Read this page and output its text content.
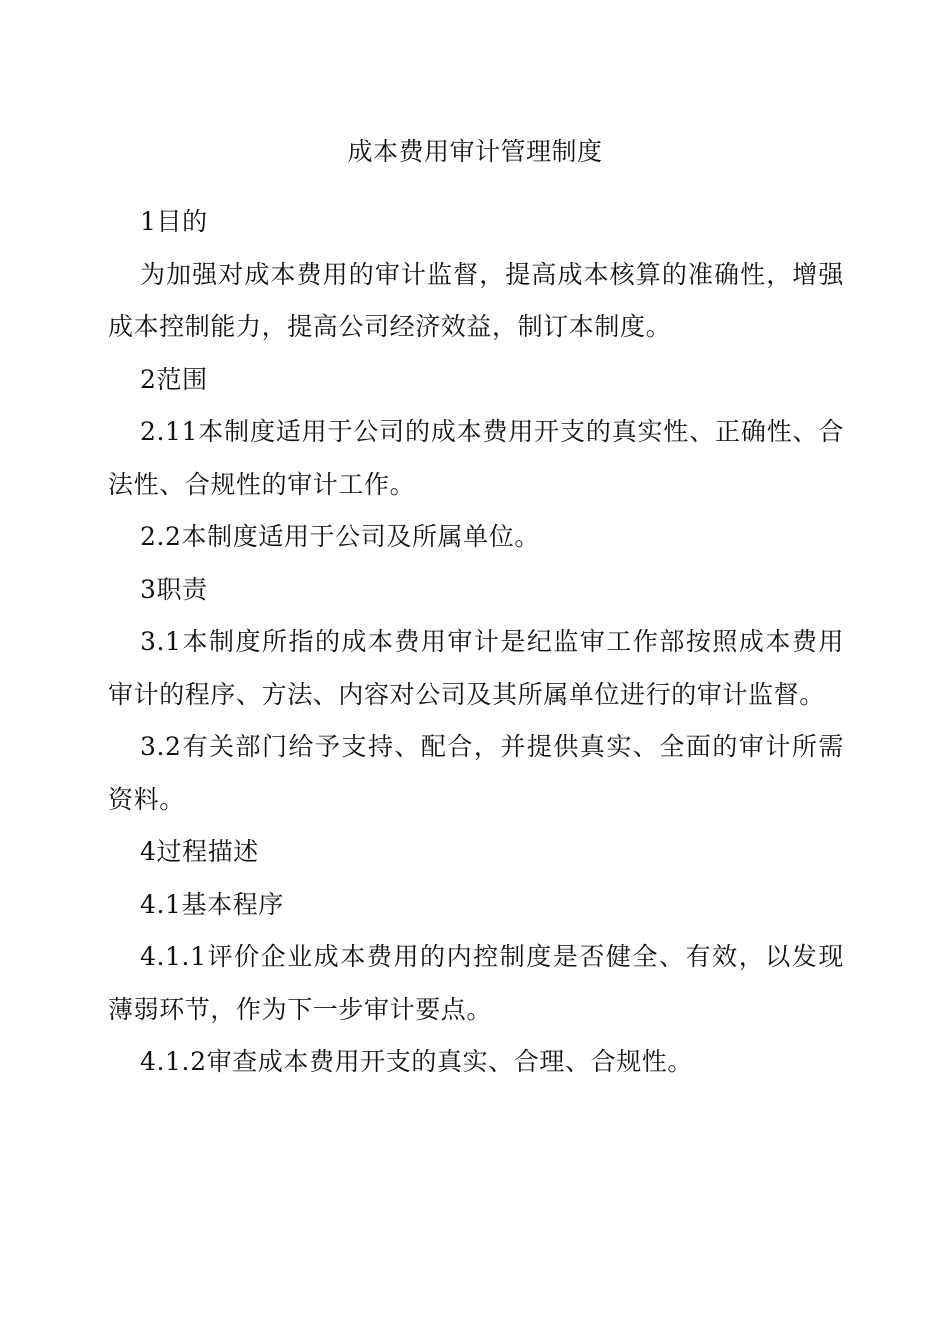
成本费用审计管理制度

1目的

为加强对成本费用的审计监督，提高成本核算的准确性，增强成本控制能力，提高公司经济效益，制订本制度。

2范围

2.11本制度适用于公司的成本费用开支的真实性、正确性、合法性、合规性的审计工作。

2.2本制度适用于公司及所属单位。

3职责

3.1本制度所指的成本费用审计是纪监审工作部按照成本费用审计的程序、方法、内容对公司及其所属单位进行的审计监督。

3.2有关部门给予支持、配合，并提供真实、全面的审计所需资料。

4过程描述

4.1基本程序

4.1.1评价企业成本费用的内控制度是否健全、有效，以发现薄弱环节，作为下一步审计要点。

4.1.2审查成本费用开支的真实、合理、合规性。
